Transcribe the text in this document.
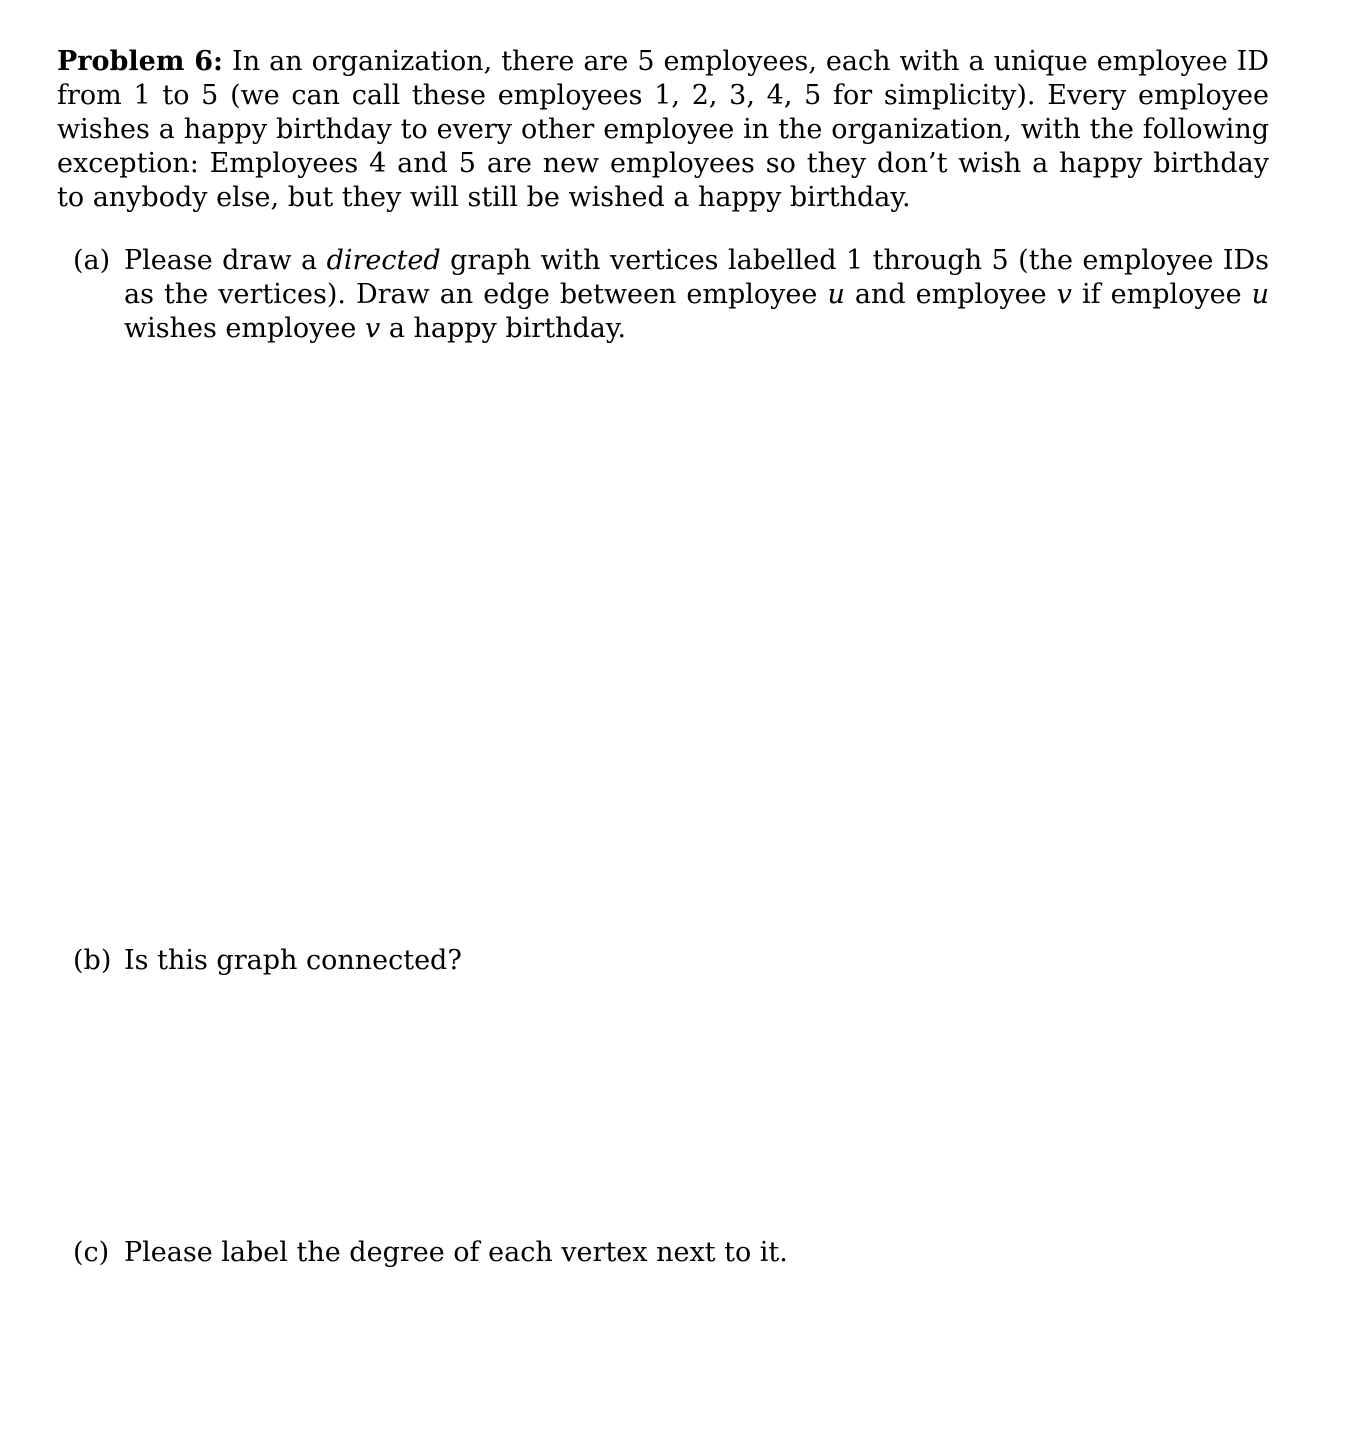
Problem 6: In an organization, there are 5 employees, each with a unique employee ID from 1 to 5 (we can call these employees 1, 2, 3, 4, 5 for simplicity). Every employee wishes a happy birthday to every other employee in the organization, with the following exception: Employees 4 and 5 are new employees so they don’t wish a happy birthday to anybody else, but they will still be wished a happy birthday.

(a) Please draw a directed graph with vertices labelled 1 through 5 (the employee IDs as the vertices). Draw an edge between employee u and employee v if employee u wishes employee v a happy birthday.
(b) Is this graph connected?
(c) Please label the degree of each vertex next to it.
